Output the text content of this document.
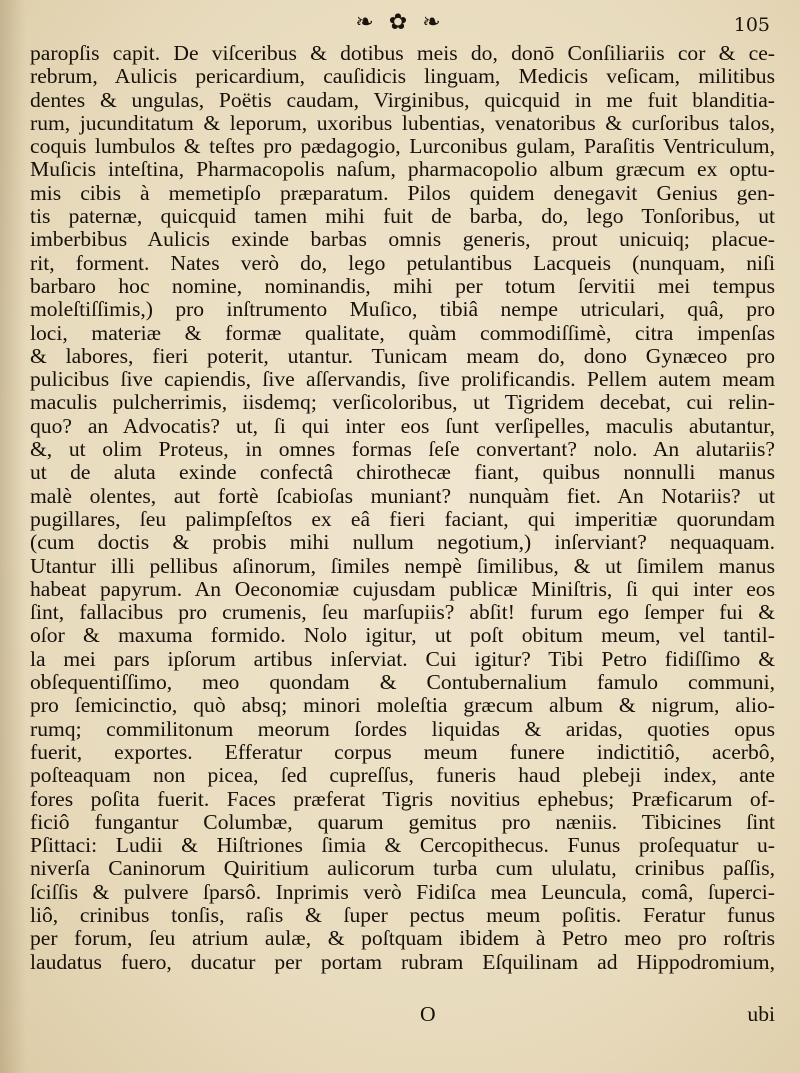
❧ ✿ ❧	105
paropſis capit. De viſceribus & dotibus meis do, donō Conſiliariis cor & ce-
rebrum, Aulicis pericardium, cauſidicis linguam, Medicis veſicam, militibus
dentes & ungulas, Poëtis caudam, Virginibus, quicquid in me fuit blanditia-
rum, jucunditatum & leporum, uxoribus lubentias, venatoribus & curſoribus talos,
coquis lumbulos & teſtes pro pædagogio, Lurconibus gulam, Paraſitis Ventriculum,
Muſicis inteſtina, Pharmacopolis naſum, pharmacopolio album græcum ex optu-
mis cibis à memetipſo præparatum. Pilos quidem denegavit Genius gen-
tis paternæ, quicquid tamen mihi fuit de barba, do, lego Tonſoribus, ut
imberbibus Aulicis exinde barbas omnis generis, prout unicuiq; placue-
rit, forment. Nates verò do, lego petulantibus Lacqueis (nunquam, niſi
barbaro hoc nomine, nominandis, mihi per totum ſervitii mei tempus
moleſtiſſimis,) pro inſtrumento Muſico, tibiâ nempe utriculari, quâ, pro
loci, materiæ & formæ qualitate, quàm commodiſſimè, citra impenſas
& labores, fieri poterit, utantur. Tunicam meam do, dono Gynæceo pro
pulicibus ſive capiendis, ſive aſſervandis, ſive prolificandis. Pellem autem meam
maculis pulcherrimis, iisdemq; verſicoloribus, ut Tigridem decebat, cui relin-
quo? an Advocatis? ut, ſi qui inter eos ſunt verſipelles, maculis abutantur,
&, ut olim Proteus, in omnes formas ſeſe convertant? nolo. An alutariis?
ut de aluta exinde confectâ chirothecæ fiant, quibus nonnulli manus
malè olentes, aut fortè ſcabioſas muniant? nunquàm fiet. An Notariis? ut
pugillares, ſeu palimpſeſtos ex eâ fieri faciant, qui imperitiæ quorundam
(cum doctis & probis mihi nullum negotium,) inſerviant? nequaquam.
Utantur illi pellibus aſinorum, ſimiles nempè ſimilibus, & ut ſimilem manus
habeat papyrum. An Oeconomiæ cujusdam publicæ Miniſtris, ſi qui inter eos
ſint, fallacibus pro crumenis, ſeu marſupiis? abſit! furum ego ſemper fui &
oſor & maxuma formido. Nolo igitur, ut poſt obitum meum, vel tantil-
la mei pars ipſorum artibus inſerviat. Cui igitur? Tibi Petro fidiſſimo &
obſequentiſſimo, meo quondam & Contubernalium famulo communi,
pro ſemicinctio, quò absq; minori moleſtia græcum album & nigrum, alio-
rumq; commilitonum meorum ſordes liquidas & aridas, quoties opus
fuerit, exportes. Efferatur corpus meum funere indictitiô, acerbô,
poſteaquam non picea, ſed cupreſſus, funeris haud plebeji index, ante
fores poſita fuerit. Faces præferat Tigris novitius ephebus; Præficarum of-
ficiô fungantur Columbæ, quarum gemitus pro næniis. Tibicines ſint
Pſittaci: Ludii & Hiſtriones ſimia & Cercopithecus. Funus proſequatur u-
niverſa Caninorum Quiritium aulicorum turba cum ululatu, crinibus paſſis,
ſciſſis & pulvere ſparsô. Inprimis verò Fidiſca mea Leuncula, comâ, ſuperci-
liô, crinibus tonſis, raſis & ſuper pectus meum poſitis. Feratur funus
per forum, ſeu atrium aulæ, & poſtquam ibidem à Petro meo pro roſtris
laudatus fuero, ducatur per portam rubram Eſquilinam ad Hippodromium,
O	ubi
